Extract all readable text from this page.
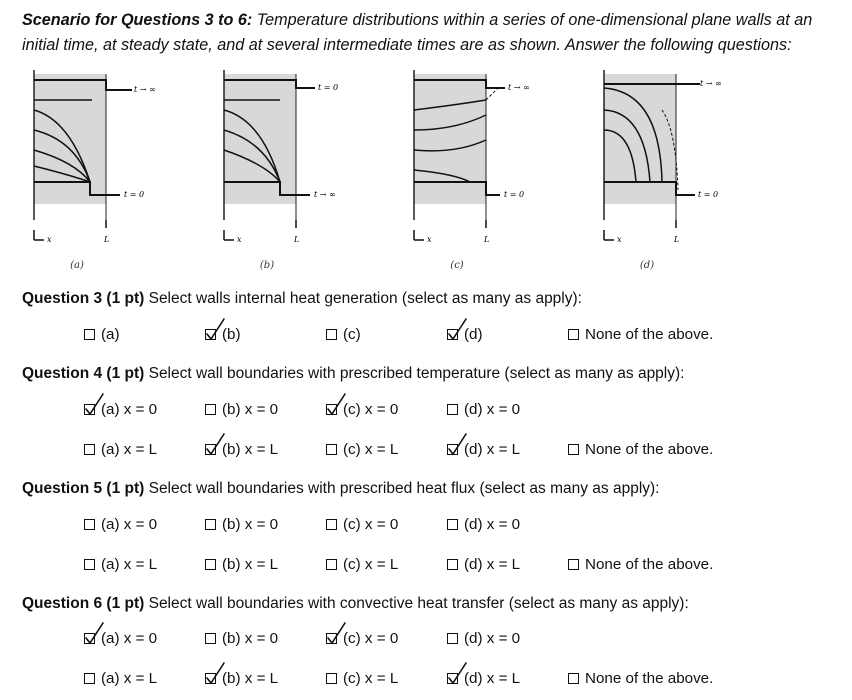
Scenario for Questions 3 to 6: Temperature distributions within a series of one-dimensional plane walls at an initial time, at steady state, and at several intermediate times are as shown. Answer the following questions:
t → ∞
t = 0
x	L
(a)
t = 0
t → ∞
x	L
(b)
t → ∞
t = 0
x	L
(c)
t → ∞
t = 0
x	L
(d)
Question 3 (1 pt) Select walls internal heat generation (select as many as apply):
(a)	(b)	(c)	(d)	None of the above.
Question 4 (1 pt) Select wall boundaries with prescribed temperature (select as many as apply):
(a) x = 0	(b) x = 0	(c) x = 0	(d) x = 0
(a) x = L	(b) x = L	(c) x = L	(d) x = L	None of the above.
Question 5 (1 pt) Select wall boundaries with prescribed heat flux (select as many as apply):
(a) x = 0	(b) x = 0	(c) x = 0	(d) x = 0
(a) x = L	(b) x = L	(c) x = L	(d) x = L	None of the above.
Question 6 (1 pt) Select wall boundaries with convective heat transfer (select as many as apply):
(a) x = 0	(b) x = 0	(c) x = 0	(d) x = 0
(a) x = L	(b) x = L	(c) x = L	(d) x = L	None of the above.
